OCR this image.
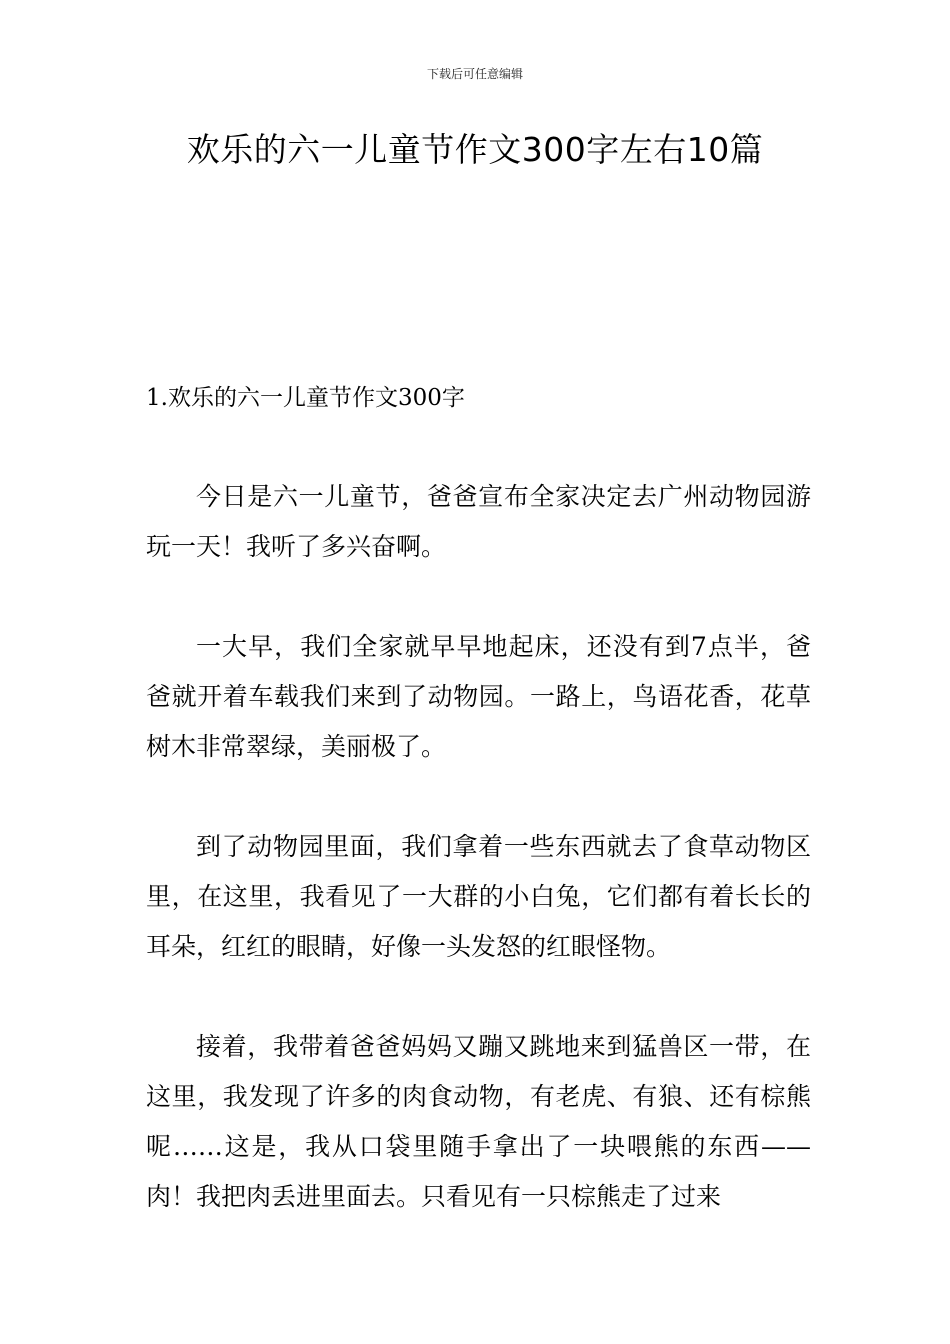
下载后可任意编辑
欢乐的六一儿童节作文300字左右10篇
1.欢乐的六一儿童节作文300字

今日是六一儿童节，爸爸宣布全家决定去广州动物园游玩一天！我听了多兴奋啊。

一大早，我们全家就早早地起床，还没有到7点半，爸爸就开着车载我们来到了动物园。一路上，鸟语花香，花草树木非常翠绿，美丽极了。

到了动物园里面，我们拿着一些东西就去了食草动物区里，在这里，我看见了一大群的小白兔，它们都有着长长的耳朵，红红的眼睛，好像一头发怒的红眼怪物。

接着，我带着爸爸妈妈又蹦又跳地来到猛兽区一带，在这里，我发现了许多的肉食动物，有老虎、有狼、还有棕熊呢……这是，我从口袋里随手拿出了一块喂熊的东西——肉！我把肉丢进里面去。只看见有一只棕熊走了过来
